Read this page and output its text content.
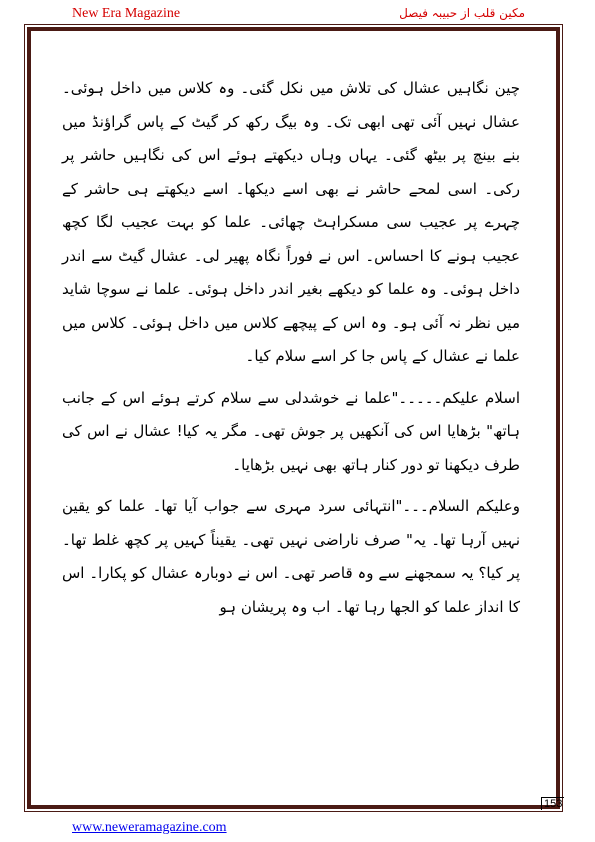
New Era Magazine	مکین قلب از حبیبہ فیصل

چین نگاہیں عشال کی تلاش میں نکل گئی۔ وہ کلاس میں داخل ہوئی۔ عشال نہیں آئی تھی ابھی تک۔ وہ بیگ رکھ کر گیٹ کے پاس گراؤنڈ میں بنے بینچ پر بیٹھ گئی۔ یہاں وہاں دیکھتے ہوئے اس کی نگاہیں حاشر پر رکی۔ اسی لمحے حاشر نے بھی اسے دیکھا۔ اسے دیکھتے ہی حاشر کے چہرے پر عجیب سی مسکراہٹ چھائی۔ علما کو بہت عجیب لگا کچھ عجیب ہونے کا احساس۔ اس نے فوراً نگاہ پھیر لی۔ عشال گیٹ سے اندر داخل ہوئی۔ وہ علما کو دیکھے بغیر اندر داخل ہوئی۔ علما نے سوچا شاید میں نظر نہ آئی ہو۔ وہ اس کے پیچھے کلاس میں داخل ہوئی۔ کلاس میں علما نے عشال کے پاس جا کر اسے سلام کیا۔

اسلام علیکم۔۔۔۔۔"علما نے خوشدلی سے سلام کرتے ہوئے اس کے جانب ہاتھ" بڑھایا اس کی آنکھیں پر جوش تھی۔ مگر یہ کیا! عشال نے اس کی طرف دیکھنا تو دور کنار ہاتھ بھی نہیں بڑھایا۔

وعلیکم السلام۔۔۔"انتہائی سرد مہری سے جواب آیا تھا۔ علما کو یقین نہیں آرہا تھا۔ یہ" صرف ناراضی نہیں تھی۔ یقیناً کہیں پر کچھ غلط تھا۔ پر کیا؟ یہ سمجھنے سے وہ قاصر تھی۔ اس نے دوبارہ عشال کو پکارا۔ اس کا انداز علما کو الجھا رہا تھا۔ اب وہ پریشان ہو

153
www.neweramagazine.com
